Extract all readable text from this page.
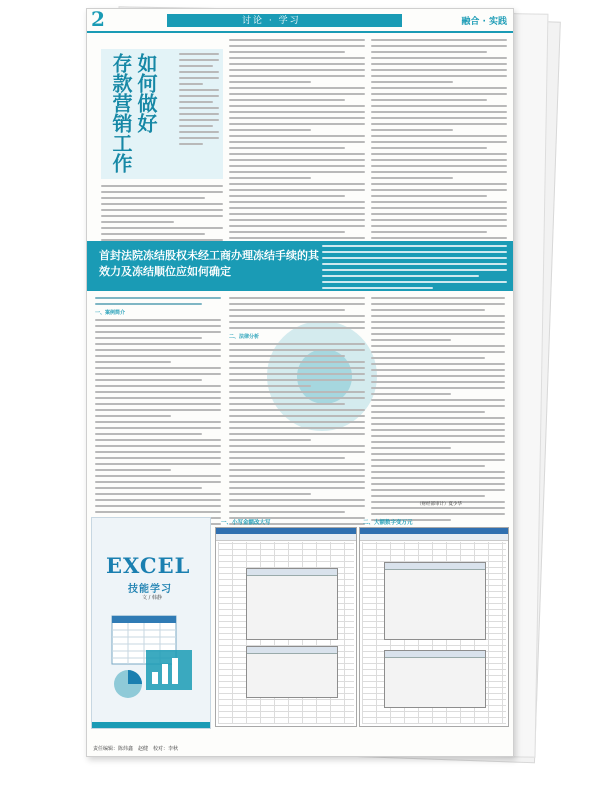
2	讨论 · 学习	融合 · 实践
如何做好
存款营销工作
首封法院冻结股权未经工商办理冻结手续的其效力及冻结顺位应如何确定
一、案例简介
二、法律分析
（财经部审计）夏少华
EXCEL
技能学习
文 / 韩静
一、小写金额改大写	二、大额数字变万元
责任编辑：陈炜鑫　赵健　校对：李秋
